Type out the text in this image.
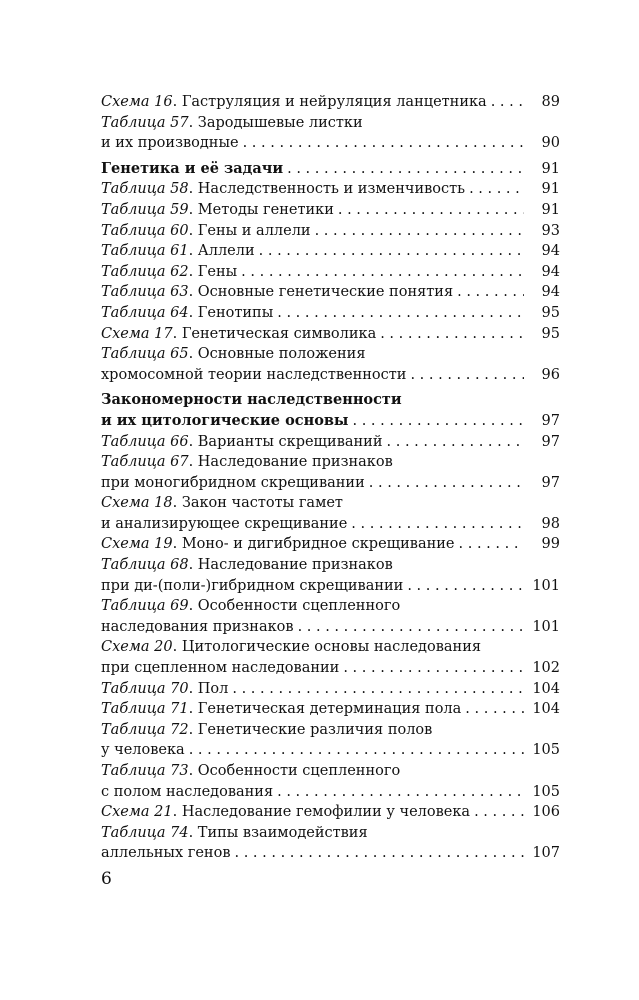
Схема 16. Гаструляция и нейруляция ланцетника . . .	89
Таблица 57. Зародышевые листки
и их производные . . .	90
Генетика и её задачи . . .	91
Таблица 58. Наследственность и изменчивость . . .	91
Таблица 59. Методы генетики . . .	91
Таблица 60. Гены и аллели . . .	93
Таблица 61. Аллели . . .	94
Таблица 62. Гены . . .	94
Таблица 63. Основные генетические понятия . . .	94
Таблица 64. Генотипы . . .	95
Схема 17. Генетическая символика . . .	95
Таблица 65. Основные положения
хромосомной теории наследственности . . .	96
Закономерности наследственности
и их цитологические основы . . .	97
Таблица 66. Варианты скрещиваний . . .	97
Таблица 67. Наследование признаков
при моногибридном скрещивании . . .	97
Схема 18. Закон частоты гамет
и анализирующее скрещивание . . .	98
Схема 19. Моно- и дигибридное скрещивание . . .	99
Таблица 68. Наследование признаков
при ди-(поли-)гибридном скрещивании . . .	101
Таблица 69. Особенности сцепленного
наследования признаков . . .	101
Схема 20. Цитологические основы наследования
при сцепленном наследовании . . .	102
Таблица 70. Пол . . .	104
Таблица 71. Генетическая детерминация пола . . .	104
Таблица 72. Генетические различия полов
у человека . . .	105
Таблица 73. Особенности сцепленного
с полом наследования . . .	105
Схема 21. Наследование гемофилии у человека . . .	106
Таблица 74. Типы взаимодействия
аллельных генов . . .	107
6
